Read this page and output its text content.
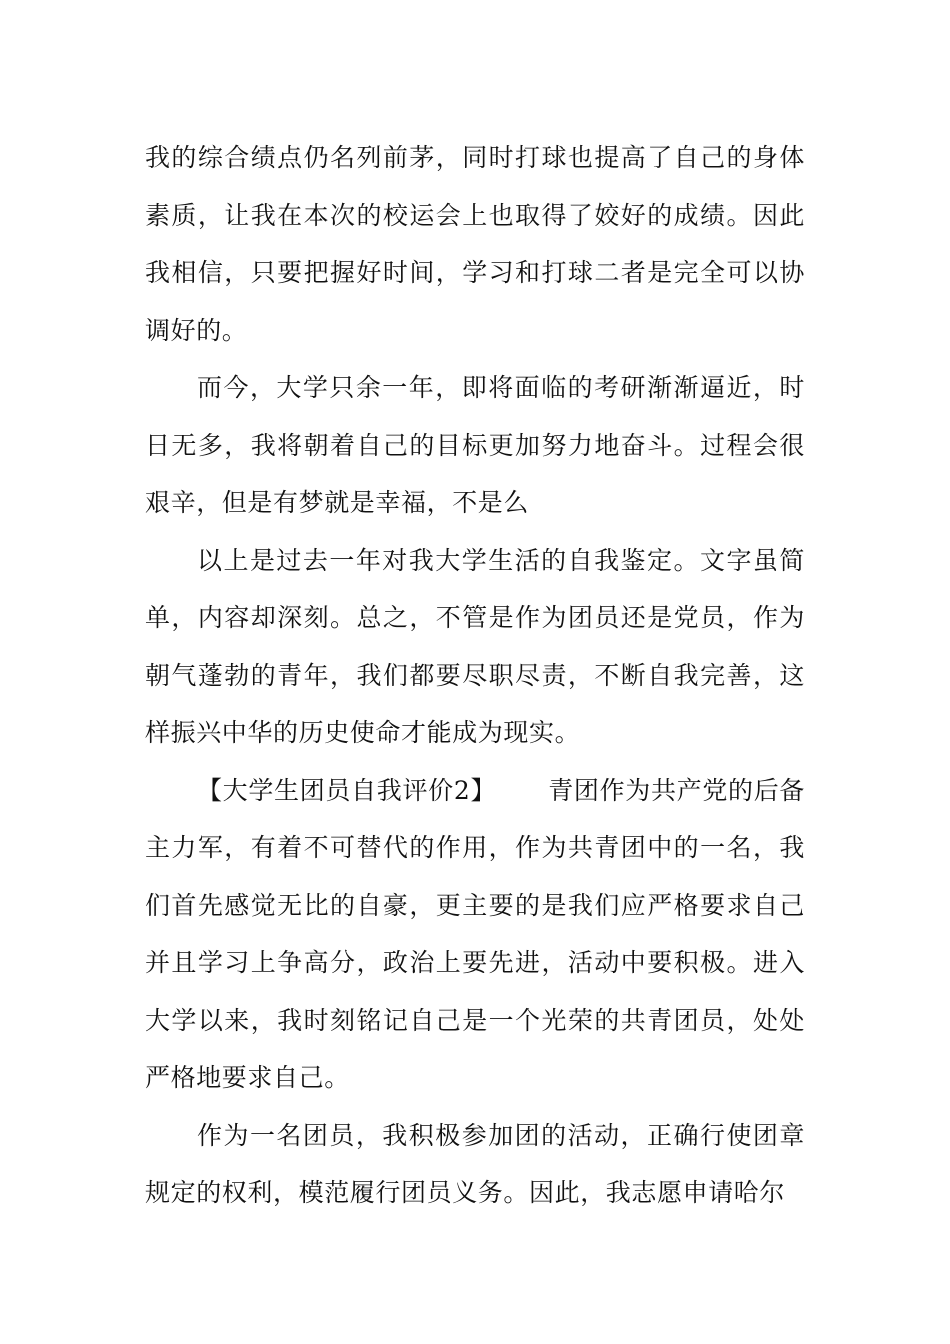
我的综合绩点仍名列前茅，同时打球也提高了自己的身体素质，让我在本次的校运会上也取得了姣好的成绩。因此我相信，只要把握好时间，学习和打球二者是完全可以协调好的。

而今，大学只余一年，即将面临的考研渐渐逼近，时日无多，我将朝着自己的目标更加努力地奋斗。过程会很艰辛，但是有梦就是幸福，不是么

以上是过去一年对我大学生活的自我鉴定。文字虽简单，内容却深刻。总之，不管是作为团员还是党员，作为朝气蓬勃的青年，我们都要尽职尽责，不断自我完善，这样振兴中华的历史使命才能成为现实。

【大学生团员自我评价2】 青团作为共产党的后备主力军，有着不可替代的作用，作为共青团中的一名，我们首先感觉无比的自豪，更主要的是我们应严格要求自己并且学习上争高分，政治上要先进，活动中要积极。进入大学以来，我时刻铭记自己是一个光荣的共青团员，处处严格地要求自己。

作为一名团员，我积极参加团的活动，正确行使团章规定的权利，模范履行团员义务。因此，我志愿申请哈尔
